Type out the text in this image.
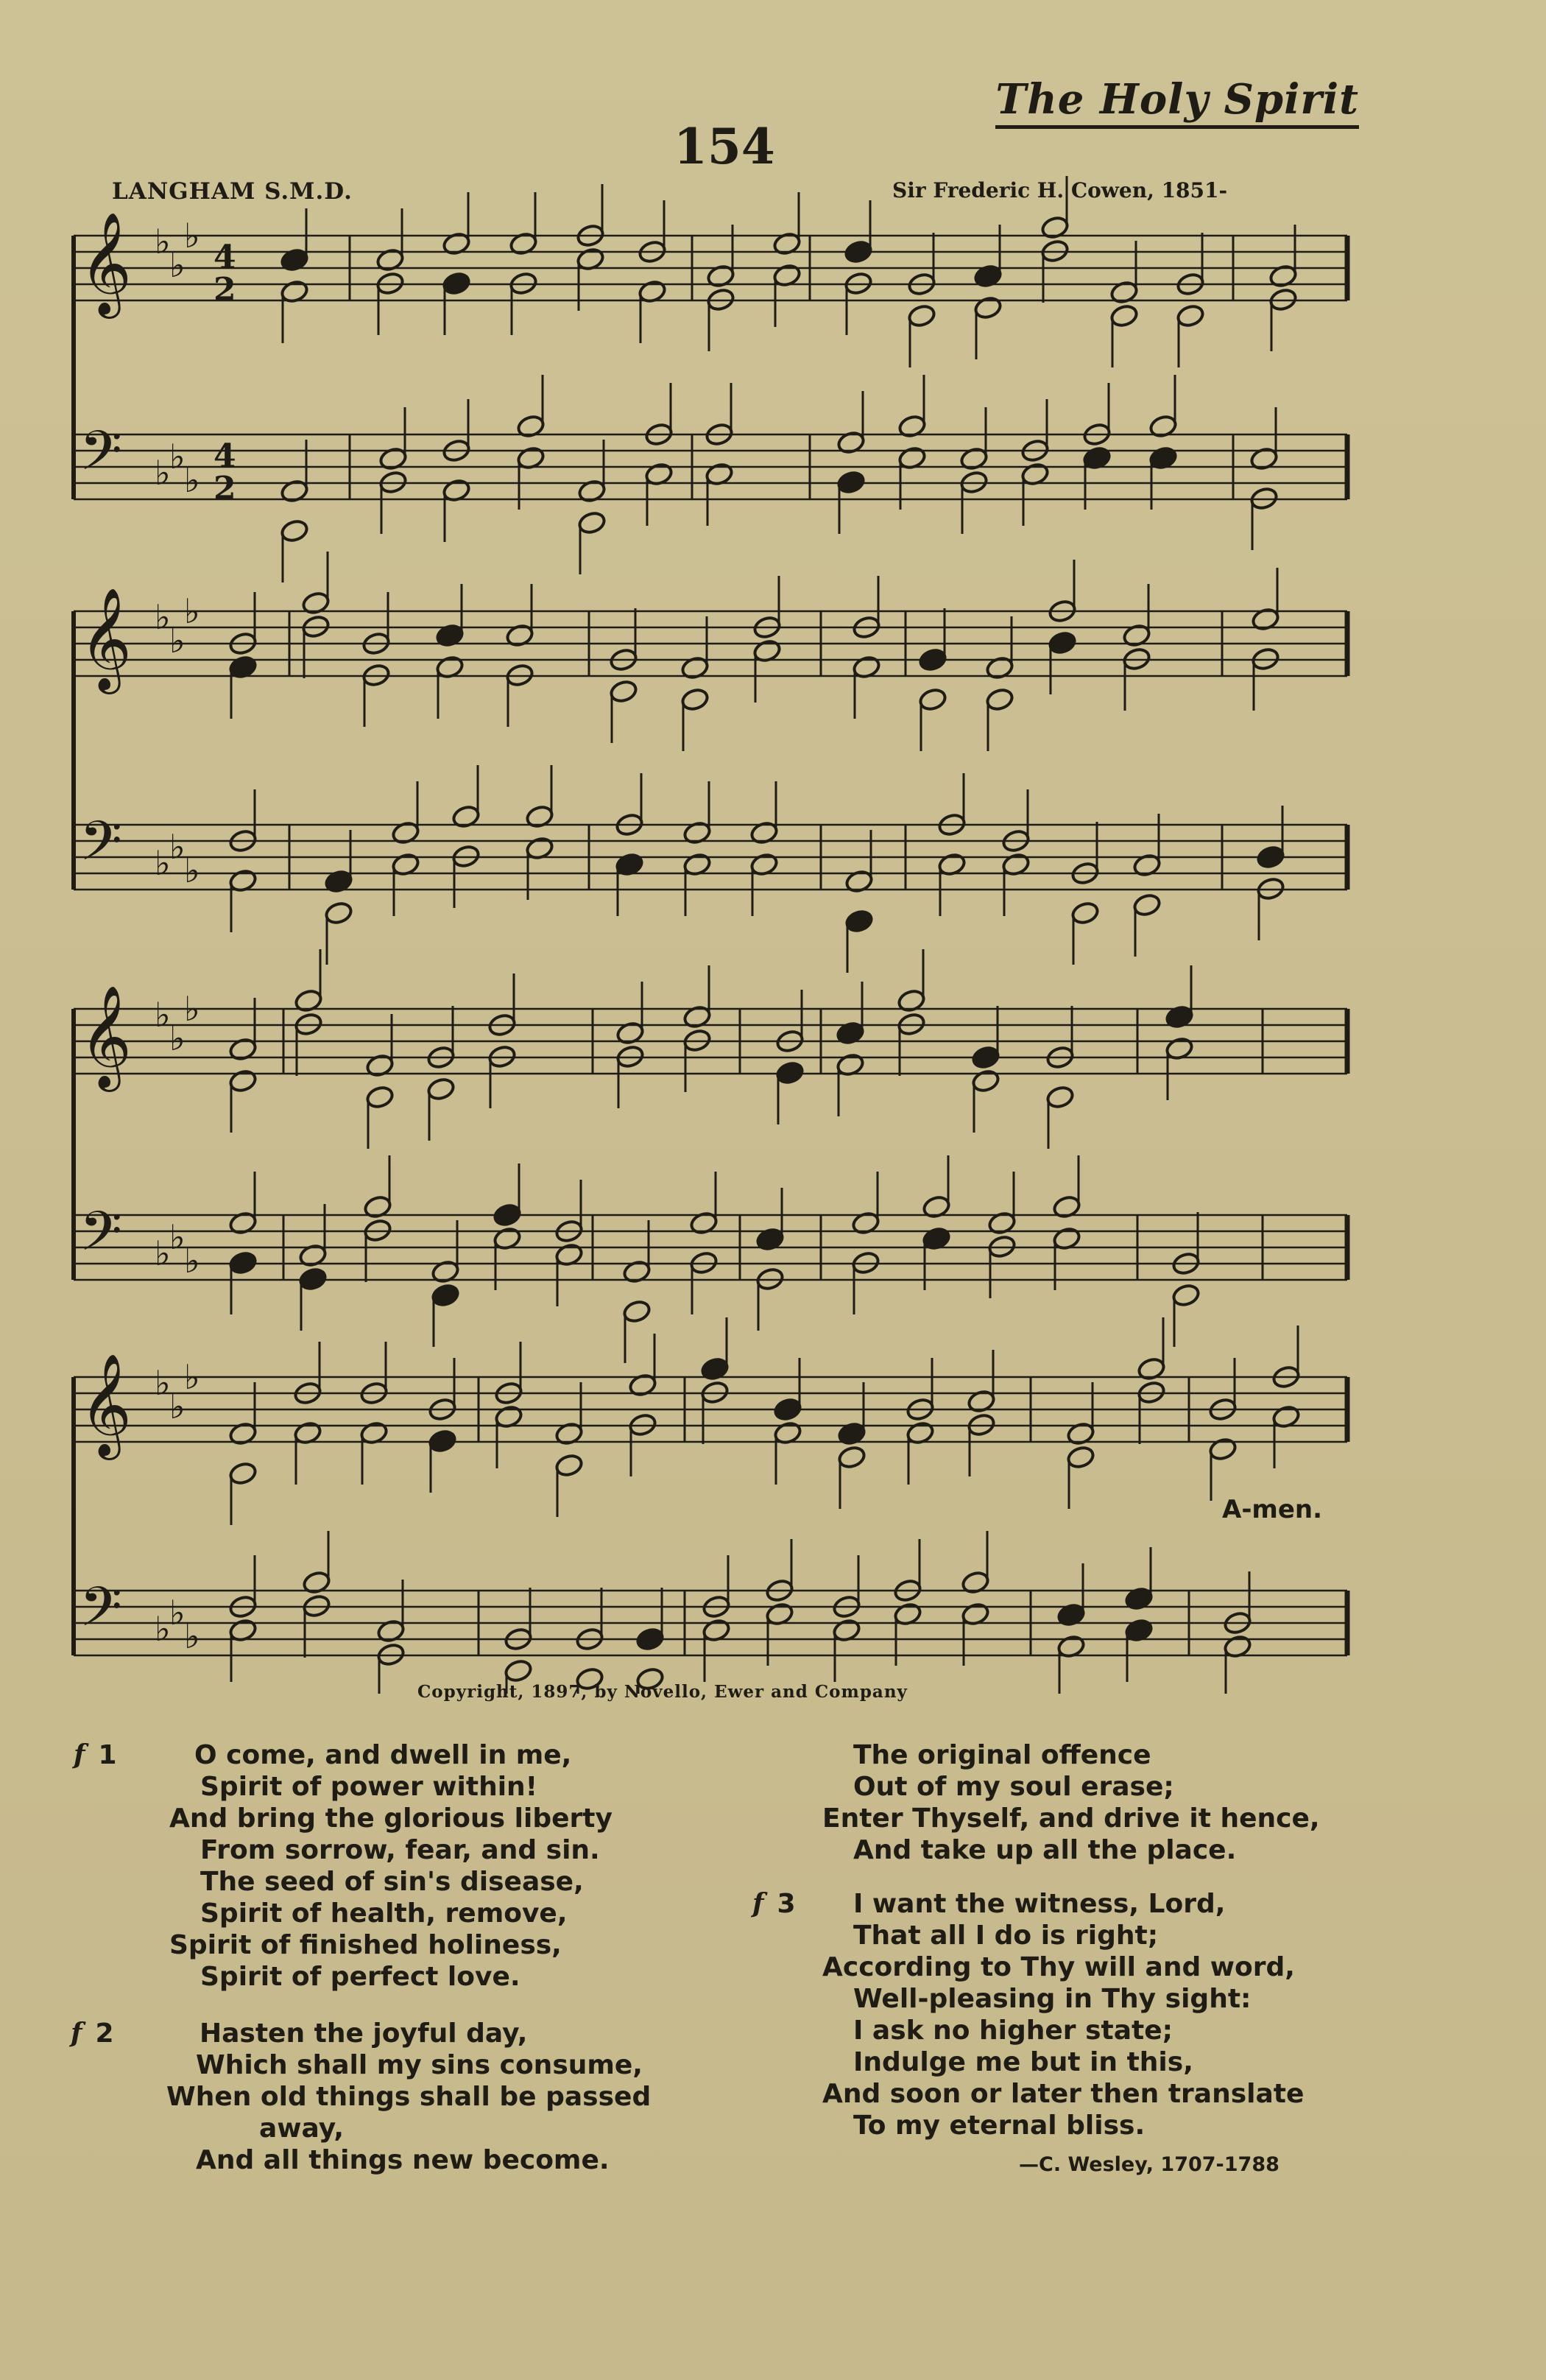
The Holy Spirit
154
LANGHAM S.M.D.	Sir Frederic H. Cowen, 1851-
𝄞 ♭
♭
♭
4
2
𝄢 ♭
♭
♭
4
2
𝄞 ♭
♭
♭
𝄢 ♭
♭
♭
𝄞 ♭
♭
♭
𝄢 ♭
♭
♭
𝄞 ♭
♭
♭
𝄢 ♭
♭
♭
A-men.
Copyright, 1897, by Novello, Ewer and Company
f 1	O come, and dwell in me,
Spirit of power within!
And bring the glorious liberty
From sorrow, fear, and sin.
The seed of sin's disease,
Spirit of health, remove,
Spirit of finished holiness,
Spirit of perfect love.
f 2	Hasten the joyful day,
Which shall my sins consume,
When old things shall be passed
away,
And all things new become.
The original offence
Out of my soul erase;
Enter Thyself, and drive it hence,
And take up all the place.
f 3	I want the witness, Lord,
That all I do is right;
According to Thy will and word,
Well-pleasing in Thy sight:
I ask no higher state;
Indulge me but in this,
And soon or later then translate
To my eternal bliss.
—C. Wesley, 1707-1788
